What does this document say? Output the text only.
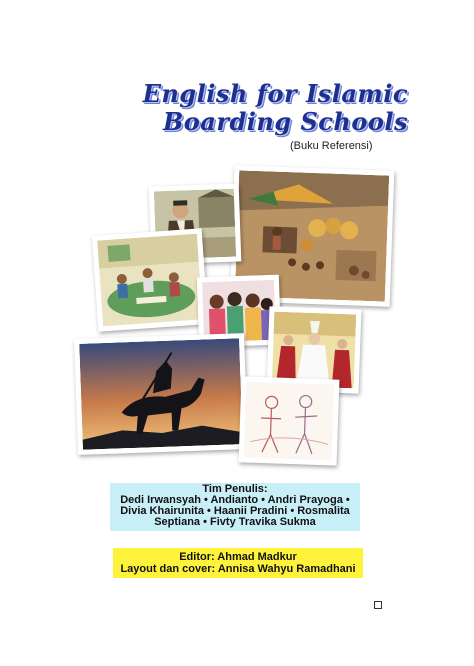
English for Islamic
Boarding Schools
(Buku Referensi)
Tim Penulis:
Dedi Irwansyah • Andianto • Andri Prayoga •
Divia Khairunita • Haanii Pradini • Rosmalita
Septiana • Fivty Travika Sukma
Editor: Ahmad Madkur
Layout dan cover: Annisa Wahyu Ramadhani
